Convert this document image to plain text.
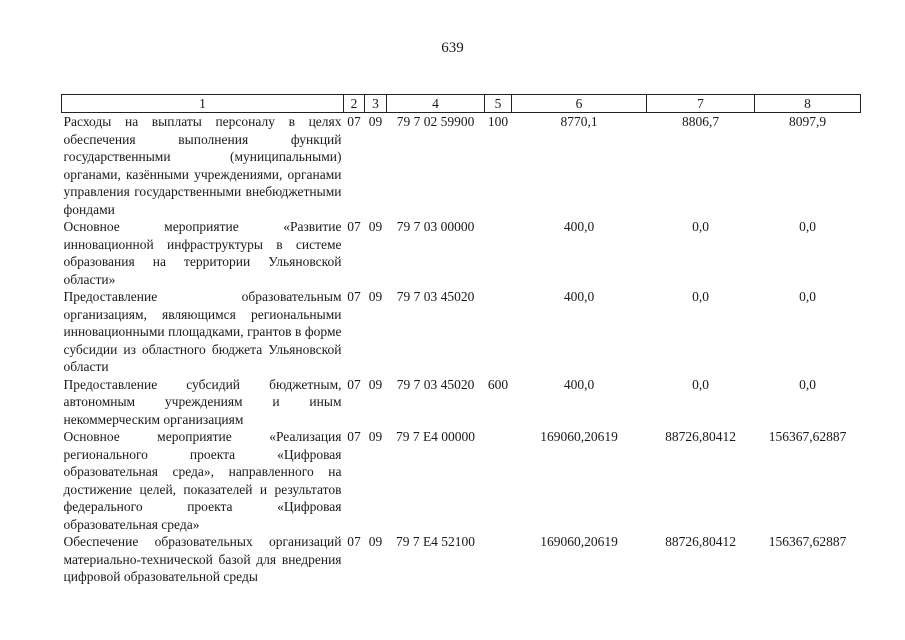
639
1	2	3	4	5	6	7	8
Расходы на выплаты персоналу в целях обеспечения выполнения функций государственными (муниципальными) органами, казёнными учреждениями, органами управления государственными внебюджетными фондами	07	09	79 7 02 59900	100	8770,1	8806,7	8097,9
Основное мероприятие «Развитие инновационной инфраструктуры в системе образования на территории Ульяновской области»	07	09	79 7 03 00000		400,0	0,0	0,0
Предоставление образовательным организациям, являющимся региональными инновационными площадками, грантов в форме субсидии из областного бюджета Ульяновской области	07	09	79 7 03 45020		400,0	0,0	0,0
Предоставление субсидий бюджетным, автономным учреждениям и иным некоммерческим организациям	07	09	79 7 03 45020	600	400,0	0,0	0,0
Основное мероприятие «Реализация регионального проекта «Цифровая образовательная среда», направленного на достижение целей, показателей и результатов федерального проекта «Цифровая образовательная среда»	07	09	79 7 E4 00000		169060,20619	88726,80412	156367,62887
Обеспечение образовательных организаций материально-технической базой для внедрения цифровой образовательной среды	07	09	79 7 E4 52100		169060,20619	88726,80412	156367,62887
